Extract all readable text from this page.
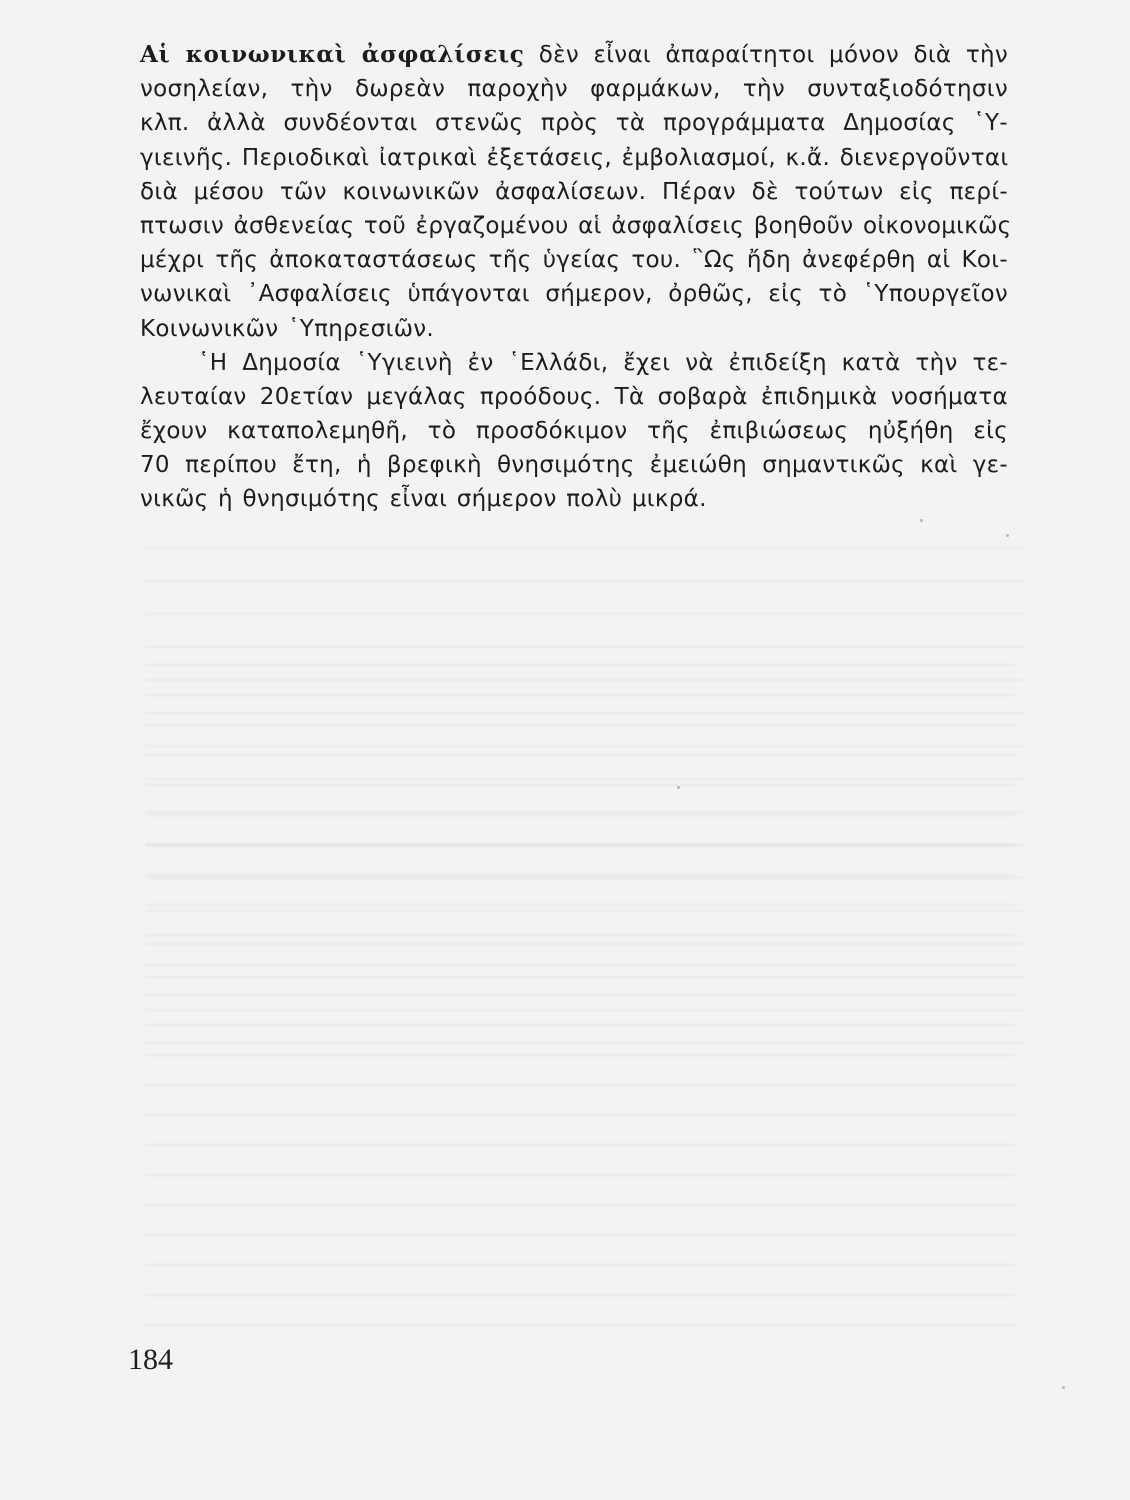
Αἱ κοινωνικαὶ ἀσφαλίσεις δὲν εἶναι ἀπαραίτητοι μόνον διὰ τὴν
νοσηλείαν, τὴν δωρεὰν παροχὴν φαρμάκων, τὴν συνταξιοδότησιν
κλπ. ἀλλὰ συνδέονται στενῶς πρὸς τὰ προγράμματα Δημοσίας ῾Υ-
γιεινῆς. Περιοδικαὶ ἰατρικαὶ ἐξετάσεις, ἐμβολιασμοί, κ.ἄ. διενεργοῦνται
διὰ μέσου τῶν κοινωνικῶν ἀσφαλίσεων. Πέραν δὲ τούτων εἰς περί-
πτωσιν ἀσθενείας τοῦ ἐργαζομένου αἱ ἀσφαλίσεις βοηθοῦν οἰκονομικῶς
μέχρι τῆς ἀποκαταστάσεως τῆς ὑγείας του. ῝Ως ἤδη ἀνεφέρθη αἱ Κοι-
νωνικαὶ ᾿Ασφαλίσεις ὑπάγονται σήμερον, ὀρθῶς, εἰς τὸ ῾Υπουργεῖον
Κοινωνικῶν ῾Υπηρεσιῶν.
῾Η Δημοσία ῾Υγιεινὴ ἐν ῾Ελλάδι, ἔχει νὰ ἐπιδείξη κατὰ τὴν τε-
λευταίαν 20ετίαν μεγάλας προόδους. Τὰ σοβαρὰ ἐπιδημικὰ νοσήματα
ἔχουν καταπολεμηθῆ, τὸ προσδόκιμον τῆς ἐπιβιώσεως ηὐξήθη εἰς
70 περίπου ἔτη, ἡ βρεφικὴ θνησιμότης ἐμειώθη σημαντικῶς καὶ γε-
νικῶς ἡ θνησιμότης εἶναι σήμερον πολὺ μικρά.
184
